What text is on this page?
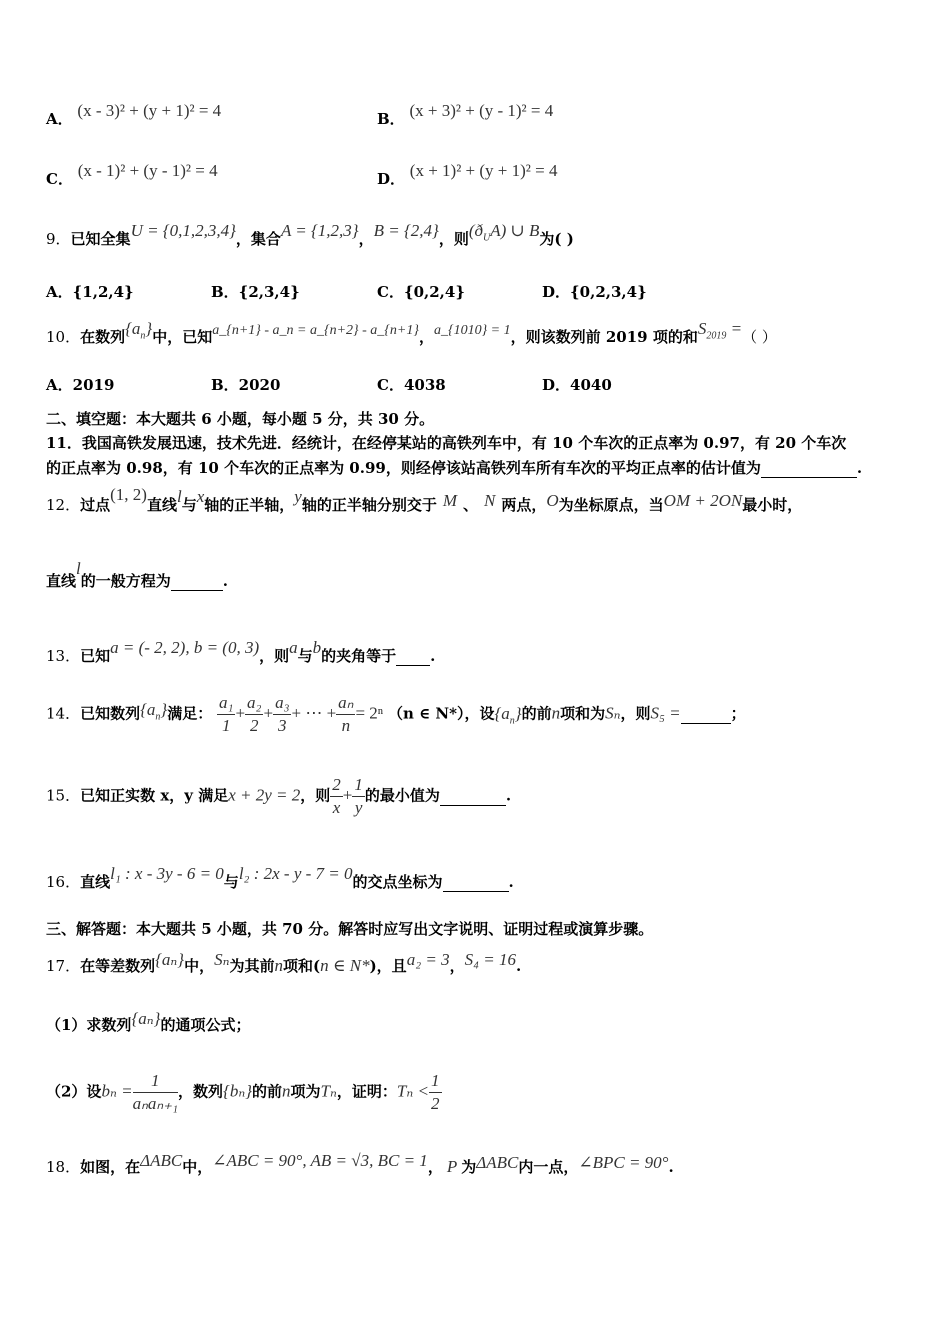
A． (x - 3)² + (y + 1)² = 4	B． (x + 3)² + (y - 1)² = 4
C． (x - 1)² + (y - 1)² = 4	D． (x + 1)² + (y + 1)² = 4
9．已知全集U = {0,1,2,3,4}，集合A = {1,2,3}，B = {2,4}，则$(ð_UA)$ ∪ B为( )
A．{1,2,4}	B．{2,3,4}	C．{0,2,4}	D．{0,2,3,4}
10．在数列$\{a_n\}$中，已知a_{n+1} - a_n = a_{n+2} - a_{n+1}，a_{1010} = 1，则该数列前 2019 项的和$S_{2019}$ =（ ）
A．2019	B．2020	C．4038	D．4040
二、填空题：本大题共 6 小题，每小题 5 分，共 30 分。
11．我国高铁发展迅速，技术先进．经统计，在经停某站的高铁列车中，有 10 个车次的正点率为 0.97，有 20 个车次
的正点率为 0.98，有 10 个车次的正点率为 0.99，则经停该站高铁列车所有车次的平均正点率的估计值为	.
12．过点(1, 2)直线l与x轴的正半轴，y轴的正半轴分别交于 M 、 N 两点，O为坐标原点，当OM + 2ON最小时，
直线l的一般方程为	.
13．已知a = (- 2, 2), b = (0, 3)，则a与b的夹角等于 .
14．已知数列$\{a_n\}$满足： $\frac{\text{a₁}}{1} + \frac{\text{a₂}}{2} + \frac{\text{a₃}}{3}$ + ⋯ + $\frac{\text{aₙ}}{n} = 2^n$ （n ∈ N*），设$\{a_n\}$的前n项和为Sₙ，则S₅ =	；
15．已知正实数 x，y 满足x + 2y = 2，则 $\frac{2}{x} + \frac{1}{y}$ 的最小值为	.
16．直线l₁ : x - 3y - 6 = 0与l₂ : 2x - y - 7 = 0的交点坐标为	.
三、解答题：本大题共 5 小题，共 70 分。解答时应写出文字说明、证明过程或演算步骤。
17．在等差数列{aₙ}中，Sₙ为其前n项和(n ∈ N*)，且a₂ = 3，S₄ = 16.
（1）求数列{aₙ}的通项公式；
（2）设$b_n = \frac{1}{\text{aₙaₙ₊₁}}$ ，数列{bₙ}的前n项为Tₙ，证明：$T_n < \frac{1}{2}$
18．如图，在ΔABC中，∠ABC = 90°, AB = √3, BC = 1， P 为ΔABC内一点，∠BPC = 90°.
